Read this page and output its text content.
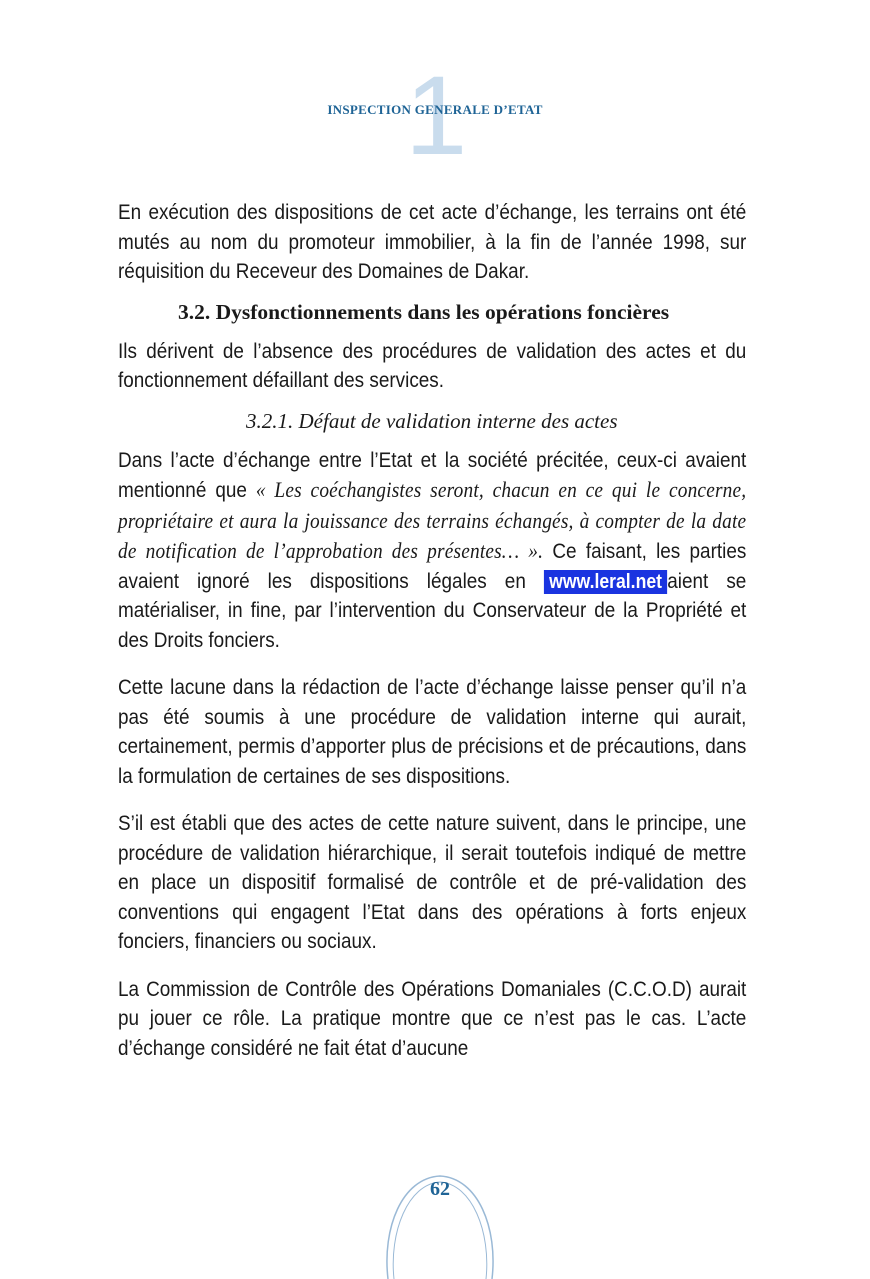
1
INSPECTION GENERALE D’ETAT

En exécution des dispositions de cet acte d’échange, les terrains ont été mutés au nom du promoteur immobilier, à la fin de l’année 1998, sur réquisition du Receveur des Domaines de Dakar.

3.2. Dysfonctionnements dans les opérations foncières

Ils dérivent de l’absence des procédures de validation des actes et du fonctionnement défaillant des services.

3.2.1. Défaut de validation interne des actes

Dans l’acte d’échange entre l’Etat et la société précitée, ceux-ci avaient mentionné que « Les coéchangistes seront, chacun en ce qui le concerne, propriétaire et aura la jouissance des terrains échangés, à compter de la date de notification de l’approbation des présentes… ». Ce faisant, les parties avaient ignoré les dispositions légales en www.leral.net aient se matérialiser, in fine, par l’intervention du Conservateur de la Propriété et des Droits fonciers.

Cette lacune dans la rédaction de l’acte d’échange laisse penser qu’il n’a pas été soumis à une procédure de validation interne qui aurait, certainement, permis d’apporter plus de précisions et de précautions, dans la formulation de certaines de ses dispositions.

S’il est établi que des actes de cette nature suivent, dans le principe, une procédure de validation hiérarchique, il serait toutefois indiqué de mettre en place un dispositif formalisé de contrôle et de pré-validation des conventions qui engagent l’Etat dans des opérations à forts enjeux fonciers, financiers ou sociaux.

La Commission de Contrôle des Opérations Domaniales (C.C.O.D) aurait pu jouer ce rôle. La pratique montre que ce n’est pas le cas. L’acte d’échange considéré ne fait état d’aucune

62
